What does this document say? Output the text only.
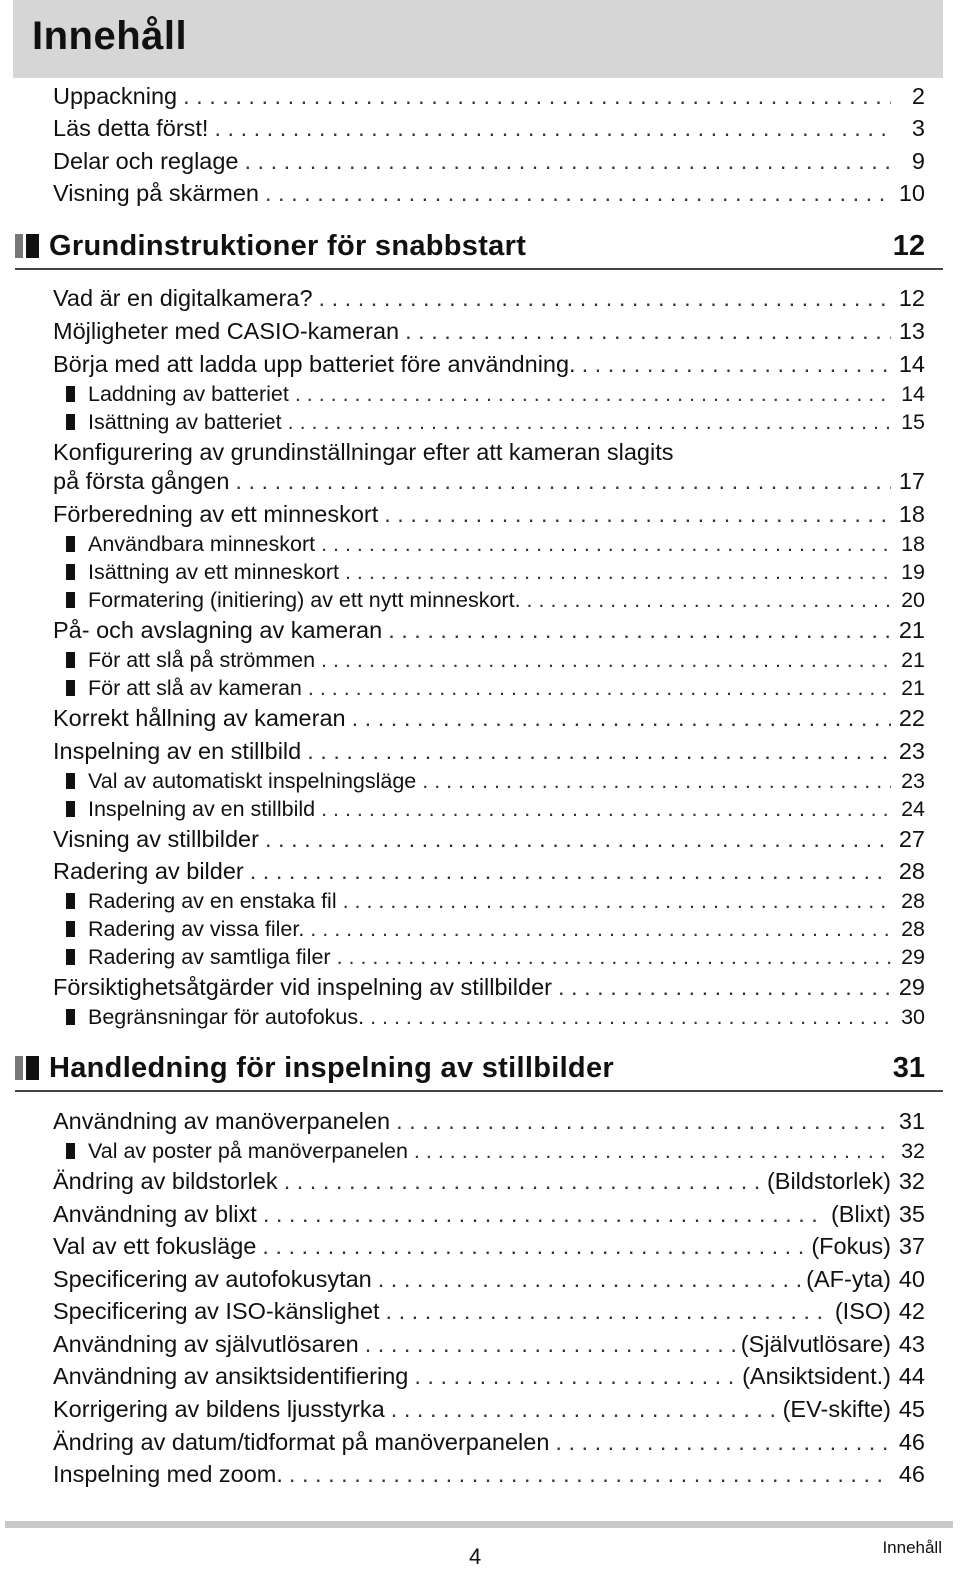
Innehåll
Uppackning . . .	2
Läs detta först! . . .	3
Delar och reglage . . .	9
Visning på skärmen . . .	10
Grundinstruktioner för snabbstart	12
Vad är en digitalkamera? . . .	12
Möjligheter med CASIO-kameran . . .	13
Börja med att ladda upp batteriet före användning. . . .	14
Laddning av batteriet . . .	14
Isättning av batteriet . . .	15
Konfigurering av grundinställningar efter att kameran slagits
på första gången . . .	17
Förberedning av ett minneskort . . .	18
Användbara minneskort . . .	18
Isättning av ett minneskort . . .	19
Formatering (initiering) av ett nytt minneskort. . . .	20
På- och avslagning av kameran . . .	21
För att slå på strömmen . . .	21
För att slå av kameran . . .	21
Korrekt hållning av kameran . . .	22
Inspelning av en stillbild . . .	23
Val av automatiskt inspelningsläge . . .	23
Inspelning av en stillbild . . .	24
Visning av stillbilder . . .	27
Radering av bilder . . .	28
Radering av en enstaka fil . . .	28
Radering av vissa filer. . . .	28
Radering av samtliga filer . . .	29
Försiktighetsåtgärder vid inspelning av stillbilder . . .	29
Begränsningar för autofokus. . . .	30
Handledning för inspelning av stillbilder	31
Användning av manöverpanelen . . .	31
Val av poster på manöverpanelen . . .	32
Ändring av bildstorlek . . .	(Bildstorlek) 32
Användning av blixt . . .	(Blixt) 35
Val av ett fokusläge . . .	(Fokus) 37
Specificering av autofokusytan . . .	(AF-yta) 40
Specificering av ISO-känslighet . . .	(ISO) 42
Användning av självutlösaren . . .	(Självutlösare) 43
Användning av ansiktsidentifiering . . .	(Ansiktsident.) 44
Korrigering av bildens ljusstyrka . . .	(EV-skifte) 45
Ändring av datum/tidformat på manöverpanelen . . .	46
Inspelning med zoom. . . .	46
4	Innehåll
